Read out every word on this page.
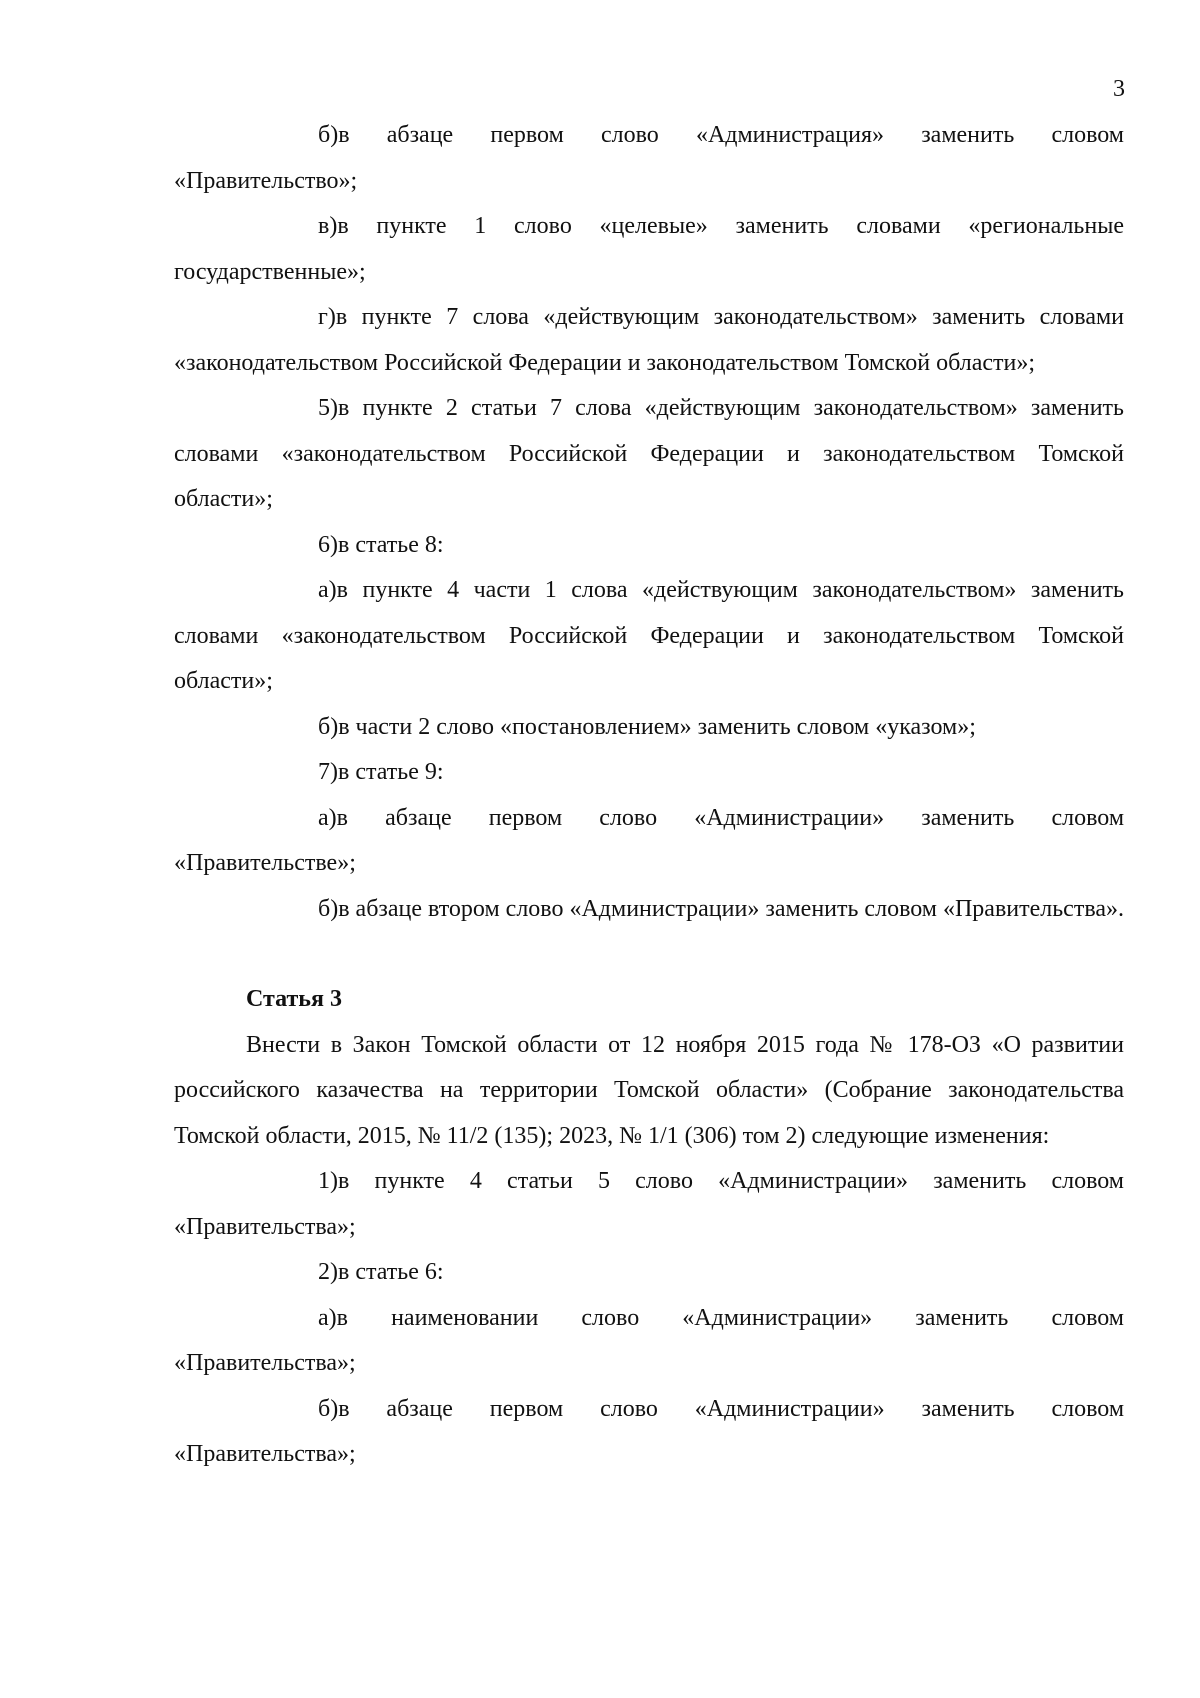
3

б)в абзаце первом слово «Администрация» заменить словом «Правительство»;

в)в пункте 1 слово «целевые» заменить словами «региональные государственные»;

г)в пункте 7 слова «действующим законодательством» заменить словами «законодательством Российской Федерации и законодательством Томской области»;

5)в пункте 2 статьи 7 слова «действующим законодательством» заменить словами «законодательством Российской Федерации и законодательством Томской области»;

6)в статье 8:

а)в пункте 4 части 1 слова «действующим законодательством» заменить словами «законодательством Российской Федерации и законодательством Томской области»;

б)в части 2 слово «постановлением» заменить словом «указом»;

7)в статье 9:

а)в абзаце первом слово «Администрации» заменить словом «Правительстве»;

б)в абзаце втором слово «Администрации» заменить словом «Правительства».

Статья 3

Внести в Закон Томской области от 12 ноября 2015 года № 178-ОЗ «О развитии российского казачества на территории Томской области» (Собрание законодательства Томской области, 2015, № 11/2 (135); 2023, № 1/1 (306) том 2) следующие изменения:

1)в пункте 4 статьи 5 слово «Администрации» заменить словом «Правительства»;

2)в статье 6:

а)в наименовании слово «Администрации» заменить словом «Правительства»;

б)в абзаце первом слово «Администрации» заменить словом «Правительства»;
